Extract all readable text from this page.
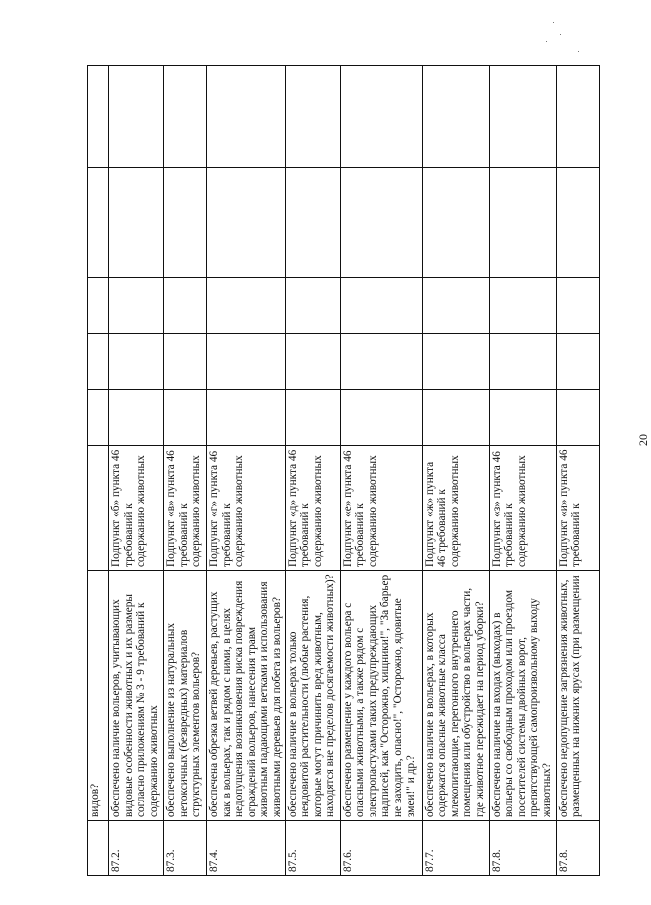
20
	видов?						
87.2.	обеспечено наличие вольеров, учитывающих видовые особенности животных и их размеры согласно приложениям № 3 - 9 требований к содержанию животных	Подпункт «б» пункта 46 требований к содержанию животных					
87.3.	обеспечено выполнение из натуральных нетоксичных (безвредных) материалов структурных элементов вольеров?	Подпункт «в» пункта 46 требований к содержанию животных					
87.4.	обеспечена обрезка ветвей деревьев, растущих как в вольерах, так и рядом с ними, в целях недопущения возникновения риска повреждения ограждений вольеров, нанесения травм животным падающими ветками и использования животными деревьев для побега из вольеров?	Подпункт «г» пункта 46 требований к содержанию животных					
87.5.	обеспечено наличие в вольерах только неядовитой растительности (любые растения, которые могут причинить вред животным, находятся вне пределов досягаемости животных)?	Подпункт «д» пункта 46 требований к содержанию животных					
87.6.	обеспечено размещение у каждого вольера с опасными животными, а также рядом с электропастухами таких предупреждающих надписей, как "Осторожно, хищники!", "За барьер не заходить, опасно!", "Осторожно, ядовитые змеи!" и др.?	Подпункт «е» пункта 46 требований к содержанию животных					
87.7.	обеспечено наличие в вольерах, в которых содержатся опасные животные класса млекопитающие, перегонного внутреннего помещения или обустройство в вольерах части, где животное пережидает на период уборки?	Подпункт «ж» пункта 46 требований к содержанию животных					
87.8.	обеспечено наличие на входах (выходах) в вольеры со свободным проходом или проездом посетителей системы двойных ворот, препятствующей самопроизвольному выходу животных?	Подпункт «з» пункта 46 требований к содержанию животных					
87.8.	обеспечено недопущение загрязнения животных, размещенных на нижних ярусах (при размещении	Подпункт «и» пункта 46 требований к					
